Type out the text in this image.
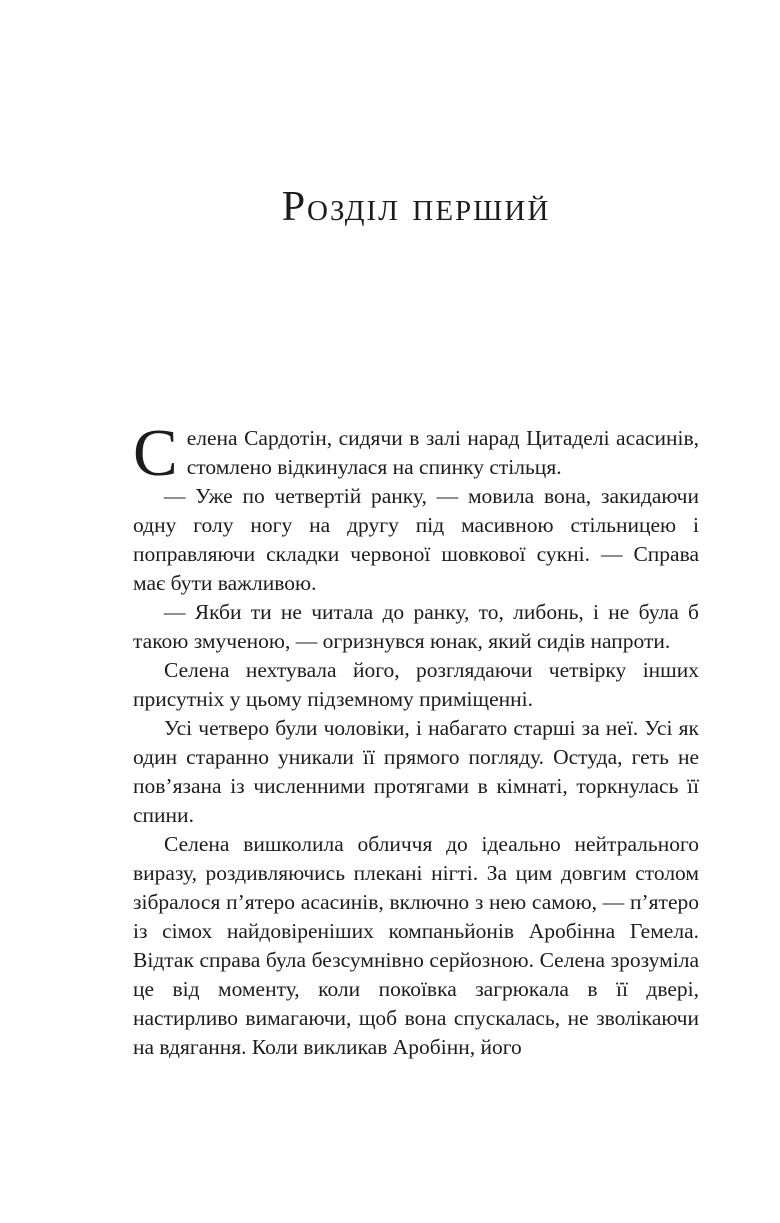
Розділ перший

Селена Сардотін, сидячи в залі нарад Цитаделі асасинів, стомлено відкинулася на спинку стільця.

— Уже по четвертій ранку, — мовила вона, закидаючи одну голу ногу на другу під масивною стільницею і поправляючи складки червоної шовкової сукні. — Справа має бути важливою.

— Якби ти не читала до ранку, то, либонь, і не була б такою змученою, — огризнувся юнак, який сидів напроти.

Селена нехтувала його, розглядаючи четвірку інших присутніх у цьому підземному приміщенні.

Усі четверо були чоловіки, і набагато старші за неї. Усі як один старанно уникали її прямого погляду. Остуда, геть не пов’язана із численними протягами в кімнаті, торкнулась її спини.

Селена вишколила обличчя до ідеально нейтрального виразу, роздивляючись плекані нігті. За цим довгим столом зібралося п’ятеро асасинів, включно з нею самою, — п’ятеро із сімох найдовіреніших компаньйонів Аробінна Гемела. Відтак справа була безсумнівно серйозною. Селена зрозуміла це від моменту, коли покоївка загрюкала в її двері, настирливо вимагаючи, щоб вона спускалась, не зволікаючи на вдягання. Коли викликав Аробінн, його
